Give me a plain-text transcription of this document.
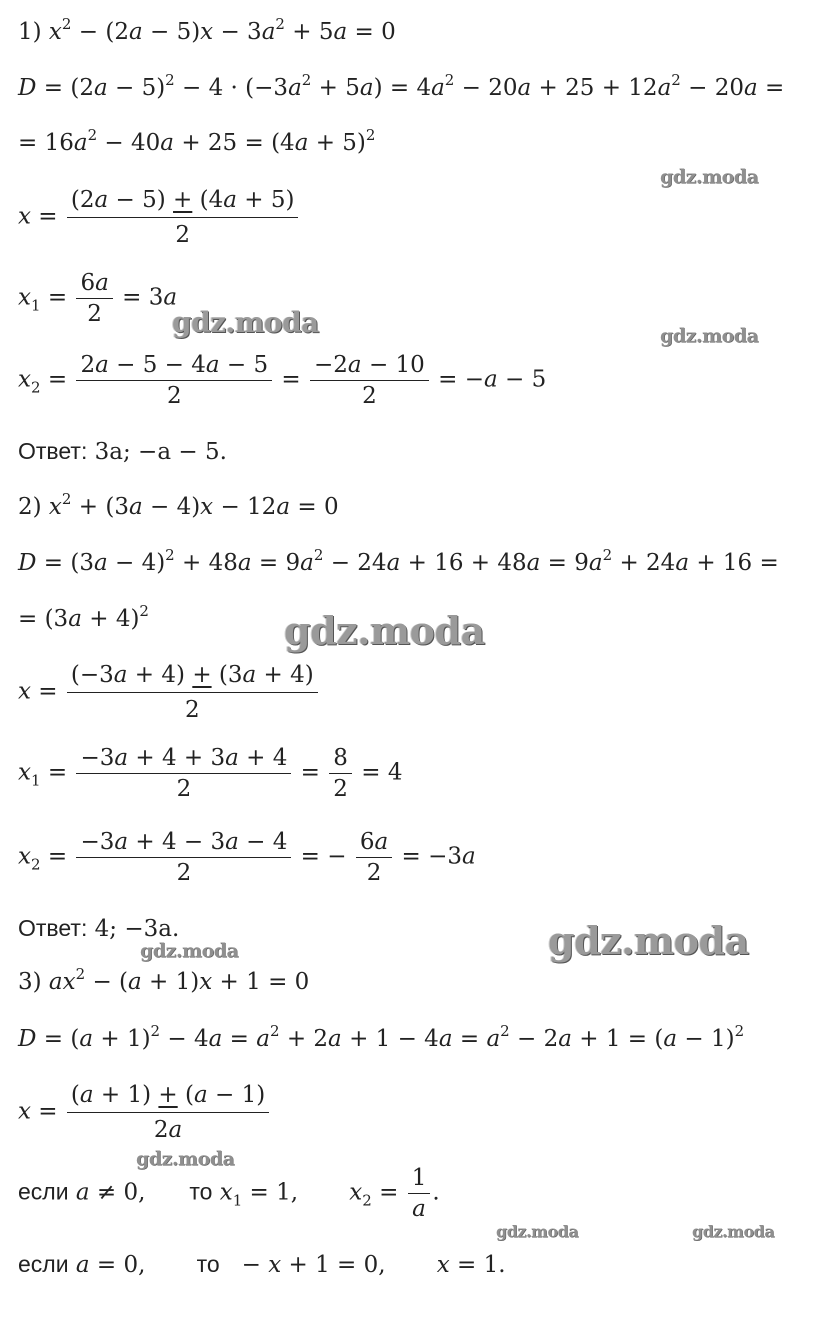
1) $x^2 - (2a - 5)x - 3a^2 + 5a = 0$
$D = (2a - 5)^2 - 4 \cdot (-3a^2 + 5a) = 4a^2 - 20a + 25 + 12a^2 - 20a$ =
= $16a^2 - 40a + 25 = (4a + 5)^2$
$x = \frac{(2a - 5) + (4a + 5)}{2}$
$x_1 = \frac{6a}{2} = 3a$
$x_2 = \frac{2a - 5 - 4a - 5}{2} = \frac{-2a - 10}{2} = -a - 5$
Ответ: 3a; −a − 5.
2) $x^2 + (3a - 4)x - 12a = 0$
$D = (3a - 4)^2 + 48a = 9a^2 - 24a + 16 + 48a = 9a^2 + 24a + 16$ =
= $(3a + 4)^2$
$x = \frac{(-3a + 4) + (3a + 4)}{2}$
$x_1 = \frac{-3a + 4 + 3a + 4}{2} = \frac{8}{2} = 4$
$x_2 = \frac{-3a + 4 - 3a - 4}{2}$ = − $\frac{6a}{2} = -3a$
Ответ: 4; −3a.
3) $ax^2 - (a + 1)x + 1 = 0$
$D = (a + 1)^2 - 4a = a^2 + 2a + 1 - 4a = a^2 - 2a + 1 = (a - 1)^2$
$x = \frac{(a + 1) + (a - 1)}{2a}$
если a ≠ 0,      то $x_1 = 1$,       $x_2 = \frac{1}{a}$ .
если a = 0,       то   − x + 1 = 0,       x = 1.
gdz.moda
gdz.moda	gdz.moda
gdz.moda
gdz.moda
gdz.moda
gdz.moda
gdz.moda	gdz.moda
